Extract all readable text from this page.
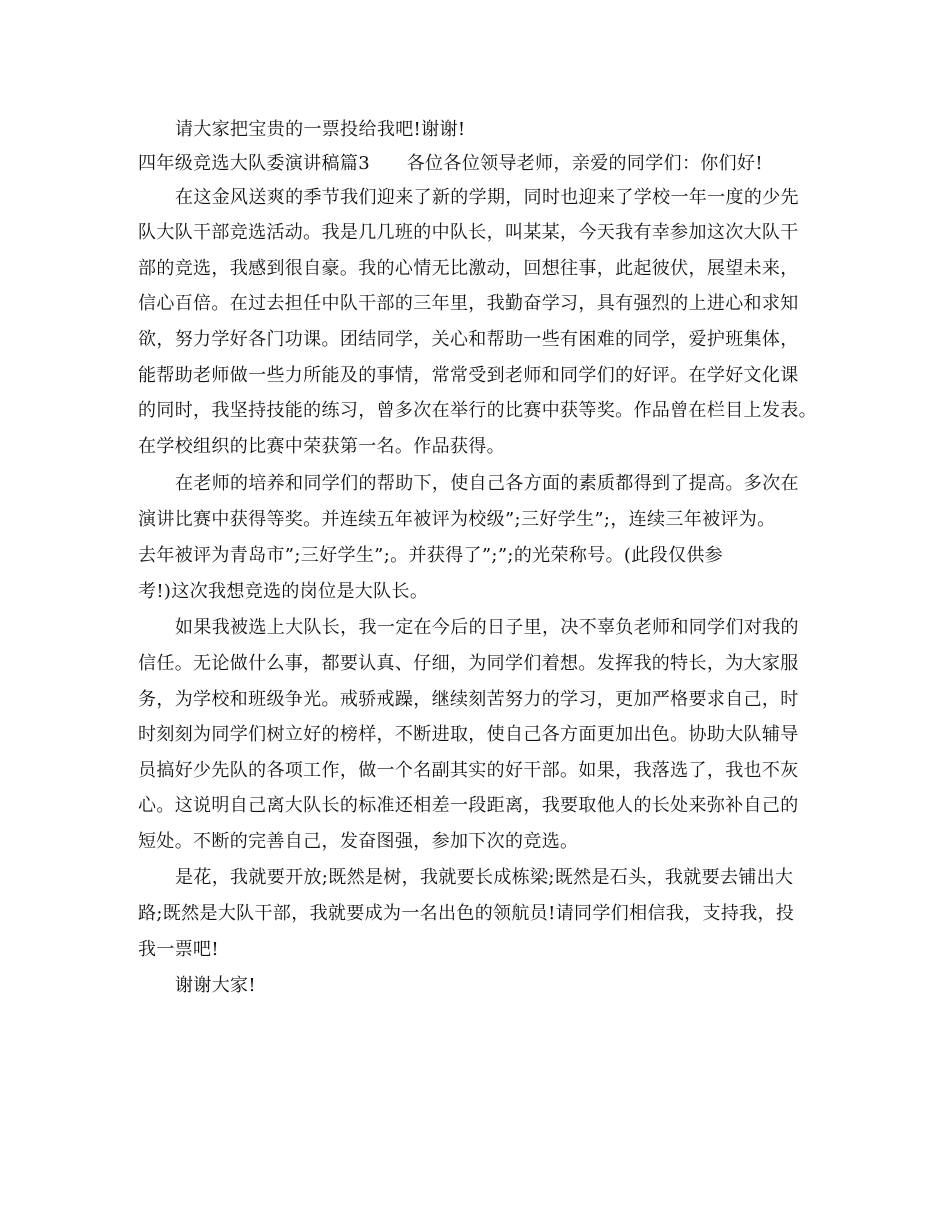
请大家把宝贵的一票投给我吧!谢谢!
四年级竞选大队委演讲稿篇3　　各位各位领导老师，亲爱的同学们：你们好!
在这金风送爽的季节我们迎来了新的学期，同时也迎来了学校一年一度的少先
队大队干部竞选活动。我是几几班的中队长，叫某某，今天我有幸参加这次大队干
部的竞选，我感到很自豪。我的心情无比激动，回想往事，此起彼伏，展望未来，
信心百倍。在过去担任中队干部的三年里，我勤奋学习，具有强烈的上进心和求知
欲，努力学好各门功课。团结同学，关心和帮助一些有困难的同学，爱护班集体，
能帮助老师做一些力所能及的事情，常常受到老师和同学们的好评。在学好文化课
的同时，我坚持技能的练习，曾多次在举行的比赛中获等奖。作品曾在栏目上发表。
在学校组织的比赛中荣获第一名。作品获得。
在老师的培养和同学们的帮助下，使自己各方面的素质都得到了提高。多次在
演讲比赛中获得等奖。并连续五年被评为校级”;三好学生”;，连续三年被评为。
去年被评为青岛市”;三好学生”;。并获得了”;”;的光荣称号。(此段仅供参
考!)这次我想竞选的岗位是大队长。
如果我被选上大队长，我一定在今后的日子里，决不辜负老师和同学们对我的
信任。无论做什么事，都要认真、仔细，为同学们着想。发挥我的特长，为大家服
务，为学校和班级争光。戒骄戒躁，继续刻苦努力的学习，更加严格要求自己，时
时刻刻为同学们树立好的榜样，不断进取，使自己各方面更加出色。协助大队辅导
员搞好少先队的各项工作，做一个名副其实的好干部。如果，我落选了，我也不灰
心。这说明自己离大队长的标准还相差一段距离，我要取他人的长处来弥补自己的
短处。不断的完善自己，发奋图强，参加下次的竞选。
是花，我就要开放;既然是树，我就要长成栋梁;既然是石头，我就要去铺出大
路;既然是大队干部，我就要成为一名出色的领航员!请同学们相信我，支持我，投
我一票吧!
谢谢大家!
